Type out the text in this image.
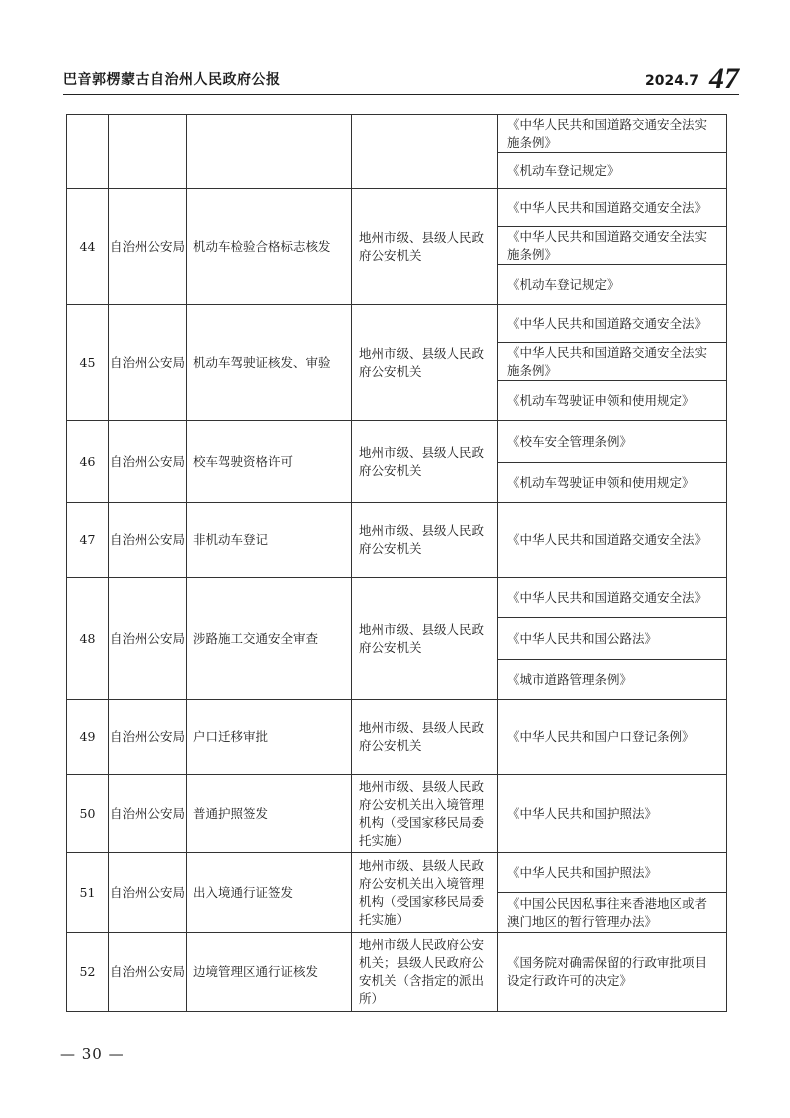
巴音郭楞蒙古自治州人民政府公报	2024.7 47

《中华人民共和国道路交通安全法实施条例》
《机动车登记规定》

44	自治州公安局	机动车检验合格标志核发	地州市级、县级人民政府公安机关	《中华人民共和国道路交通安全法》
《中华人民共和国道路交通安全法实施条例》
《机动车登记规定》

45	自治州公安局	机动车驾驶证核发、审验	地州市级、县级人民政府公安机关	《中华人民共和国道路交通安全法》
《中华人民共和国道路交通安全法实施条例》
《机动车驾驶证申领和使用规定》

46	自治州公安局	校车驾驶资格许可	地州市级、县级人民政府公安机关	《校车安全管理条例》
《机动车驾驶证申领和使用规定》

47	自治州公安局	非机动车登记	地州市级、县级人民政府公安机关	《中华人民共和国道路交通安全法》

48	自治州公安局	涉路施工交通安全审查	地州市级、县级人民政府公安机关	《中华人民共和国道路交通安全法》
《中华人民共和国公路法》
《城市道路管理条例》

49	自治州公安局	户口迁移审批	地州市级、县级人民政府公安机关	《中华人民共和国户口登记条例》

50	自治州公安局	普通护照签发	地州市级、县级人民政府公安机关出入境管理机构（受国家移民局委托实施）	《中华人民共和国护照法》

51	自治州公安局	出入境通行证签发	地州市级、县级人民政府公安机关出入境管理机构（受国家移民局委托实施）	《中华人民共和国护照法》
《中国公民因私事往来香港地区或者澳门地区的暂行管理办法》

52	自治州公安局	边境管理区通行证核发	地州市级人民政府公安机关；县级人民政府公安机关（含指定的派出所）	《国务院对确需保留的行政审批项目设定行政许可的决定》
— 30 —
